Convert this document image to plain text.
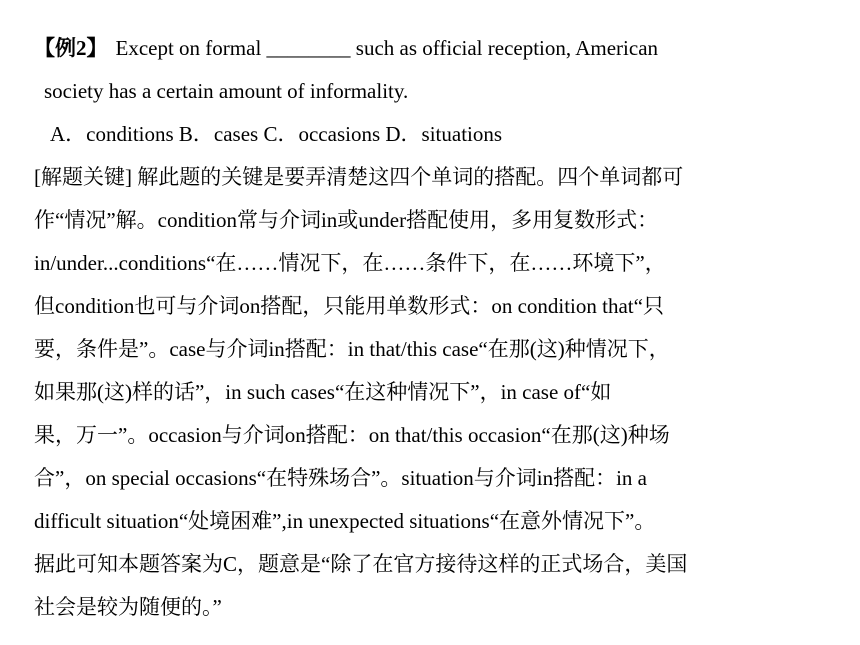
【例2】 Except on formal ________ such as official reception, American
society has a certain amount of informality.
A．conditions B．cases C．occasions D．situations
[解题关键] 解此题的关键是要弄清楚这四个单词的搭配。四个单词都可
作“情况”解。condition常与介词in或under搭配使用，多用复数形式：
in/under...conditions“在……情况下，在……条件下，在……环境下”，
但condition也可与介词on搭配，只能用单数形式：on condition that“只
要，条件是”。case与介词in搭配：in that/this case“在那(这)种情况下，
如果那(这)样的话”，in such cases“在这种情况下”，in case of“如
果，万一”。occasion与介词on搭配：on that/this occasion“在那(这)种场
合”，on special occasions“在特殊场合”。situation与介词in搭配：in a
difficult situation“处境困难”,in unexpected situations“在意外情况下”。
据此可知本题答案为C，题意是“除了在官方接待这样的正式场合，美国
社会是较为随便的。”
